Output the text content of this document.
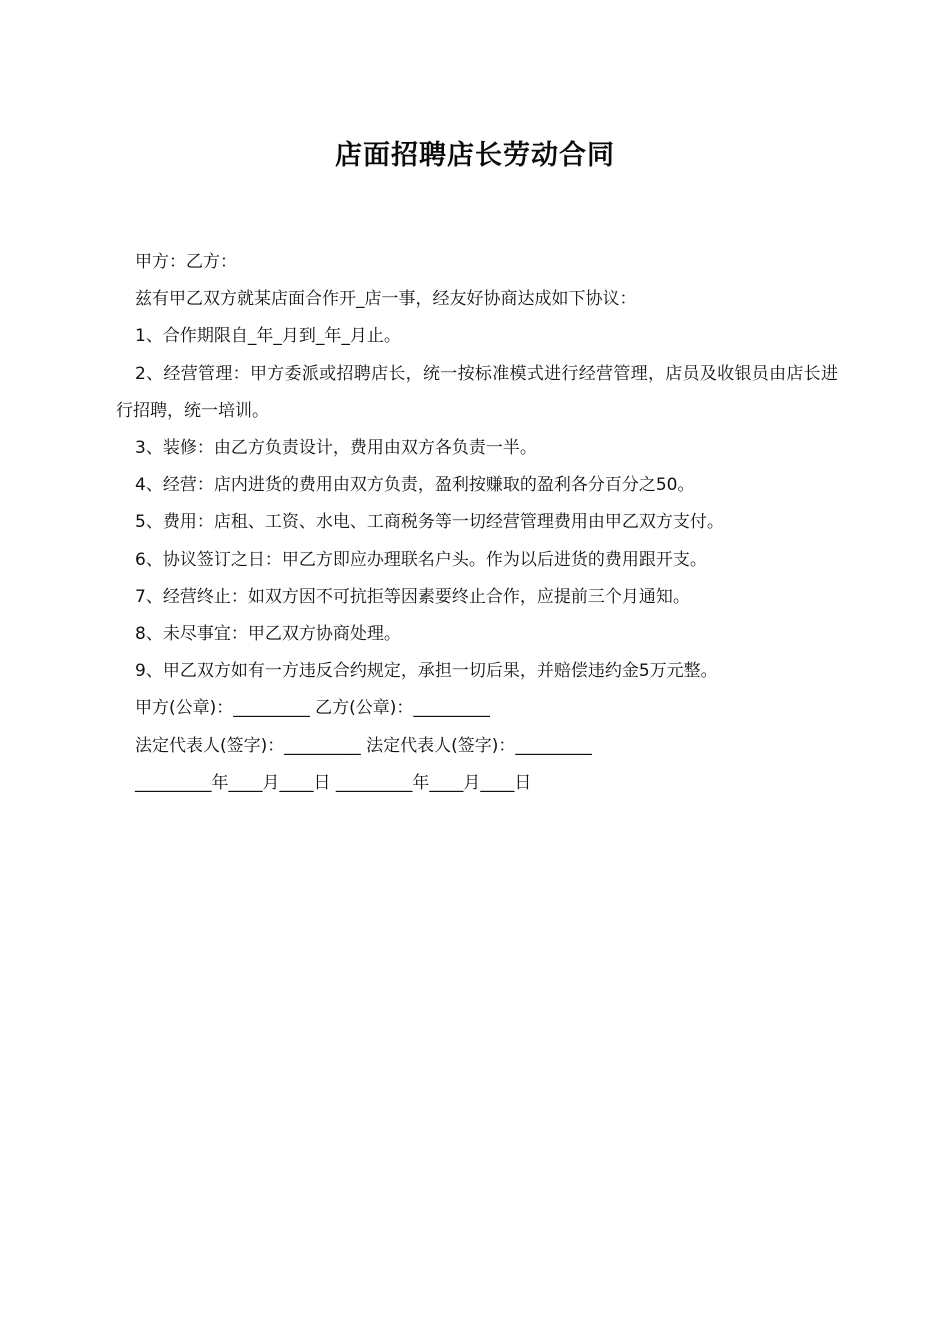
店面招聘店长劳动合同

甲方：乙方：

兹有甲乙双方就某店面合作开_店一事，经友好协商达成如下协议：

1、合作期限自_年_月到_年_月止。

2、经营管理：甲方委派或招聘店长，统一按标准模式进行经营管理，店员及收银员由店长进行招聘，统一培训。

3、装修：由乙方负责设计，费用由双方各负责一半。

4、经营：店内进货的费用由双方负责，盈利按赚取的盈利各分百分之50。

5、费用：店租、工资、水电、工商税务等一切经营管理费用由甲乙双方支付。

6、协议签订之日：甲乙方即应办理联名户头。作为以后进货的费用跟开支。

7、经营终止：如双方因不可抗拒等因素要终止合作，应提前三个月通知。

8、未尽事宜：甲乙双方协商处理。

9、甲乙双方如有一方违反合约规定，承担一切后果，并赔偿违约金5万元整。

甲方(公章)：_________ 乙方(公章)：_________

法定代表人(签字)：_________ 法定代表人(签字)：_________

_________年____月____日 _________年____月____日
